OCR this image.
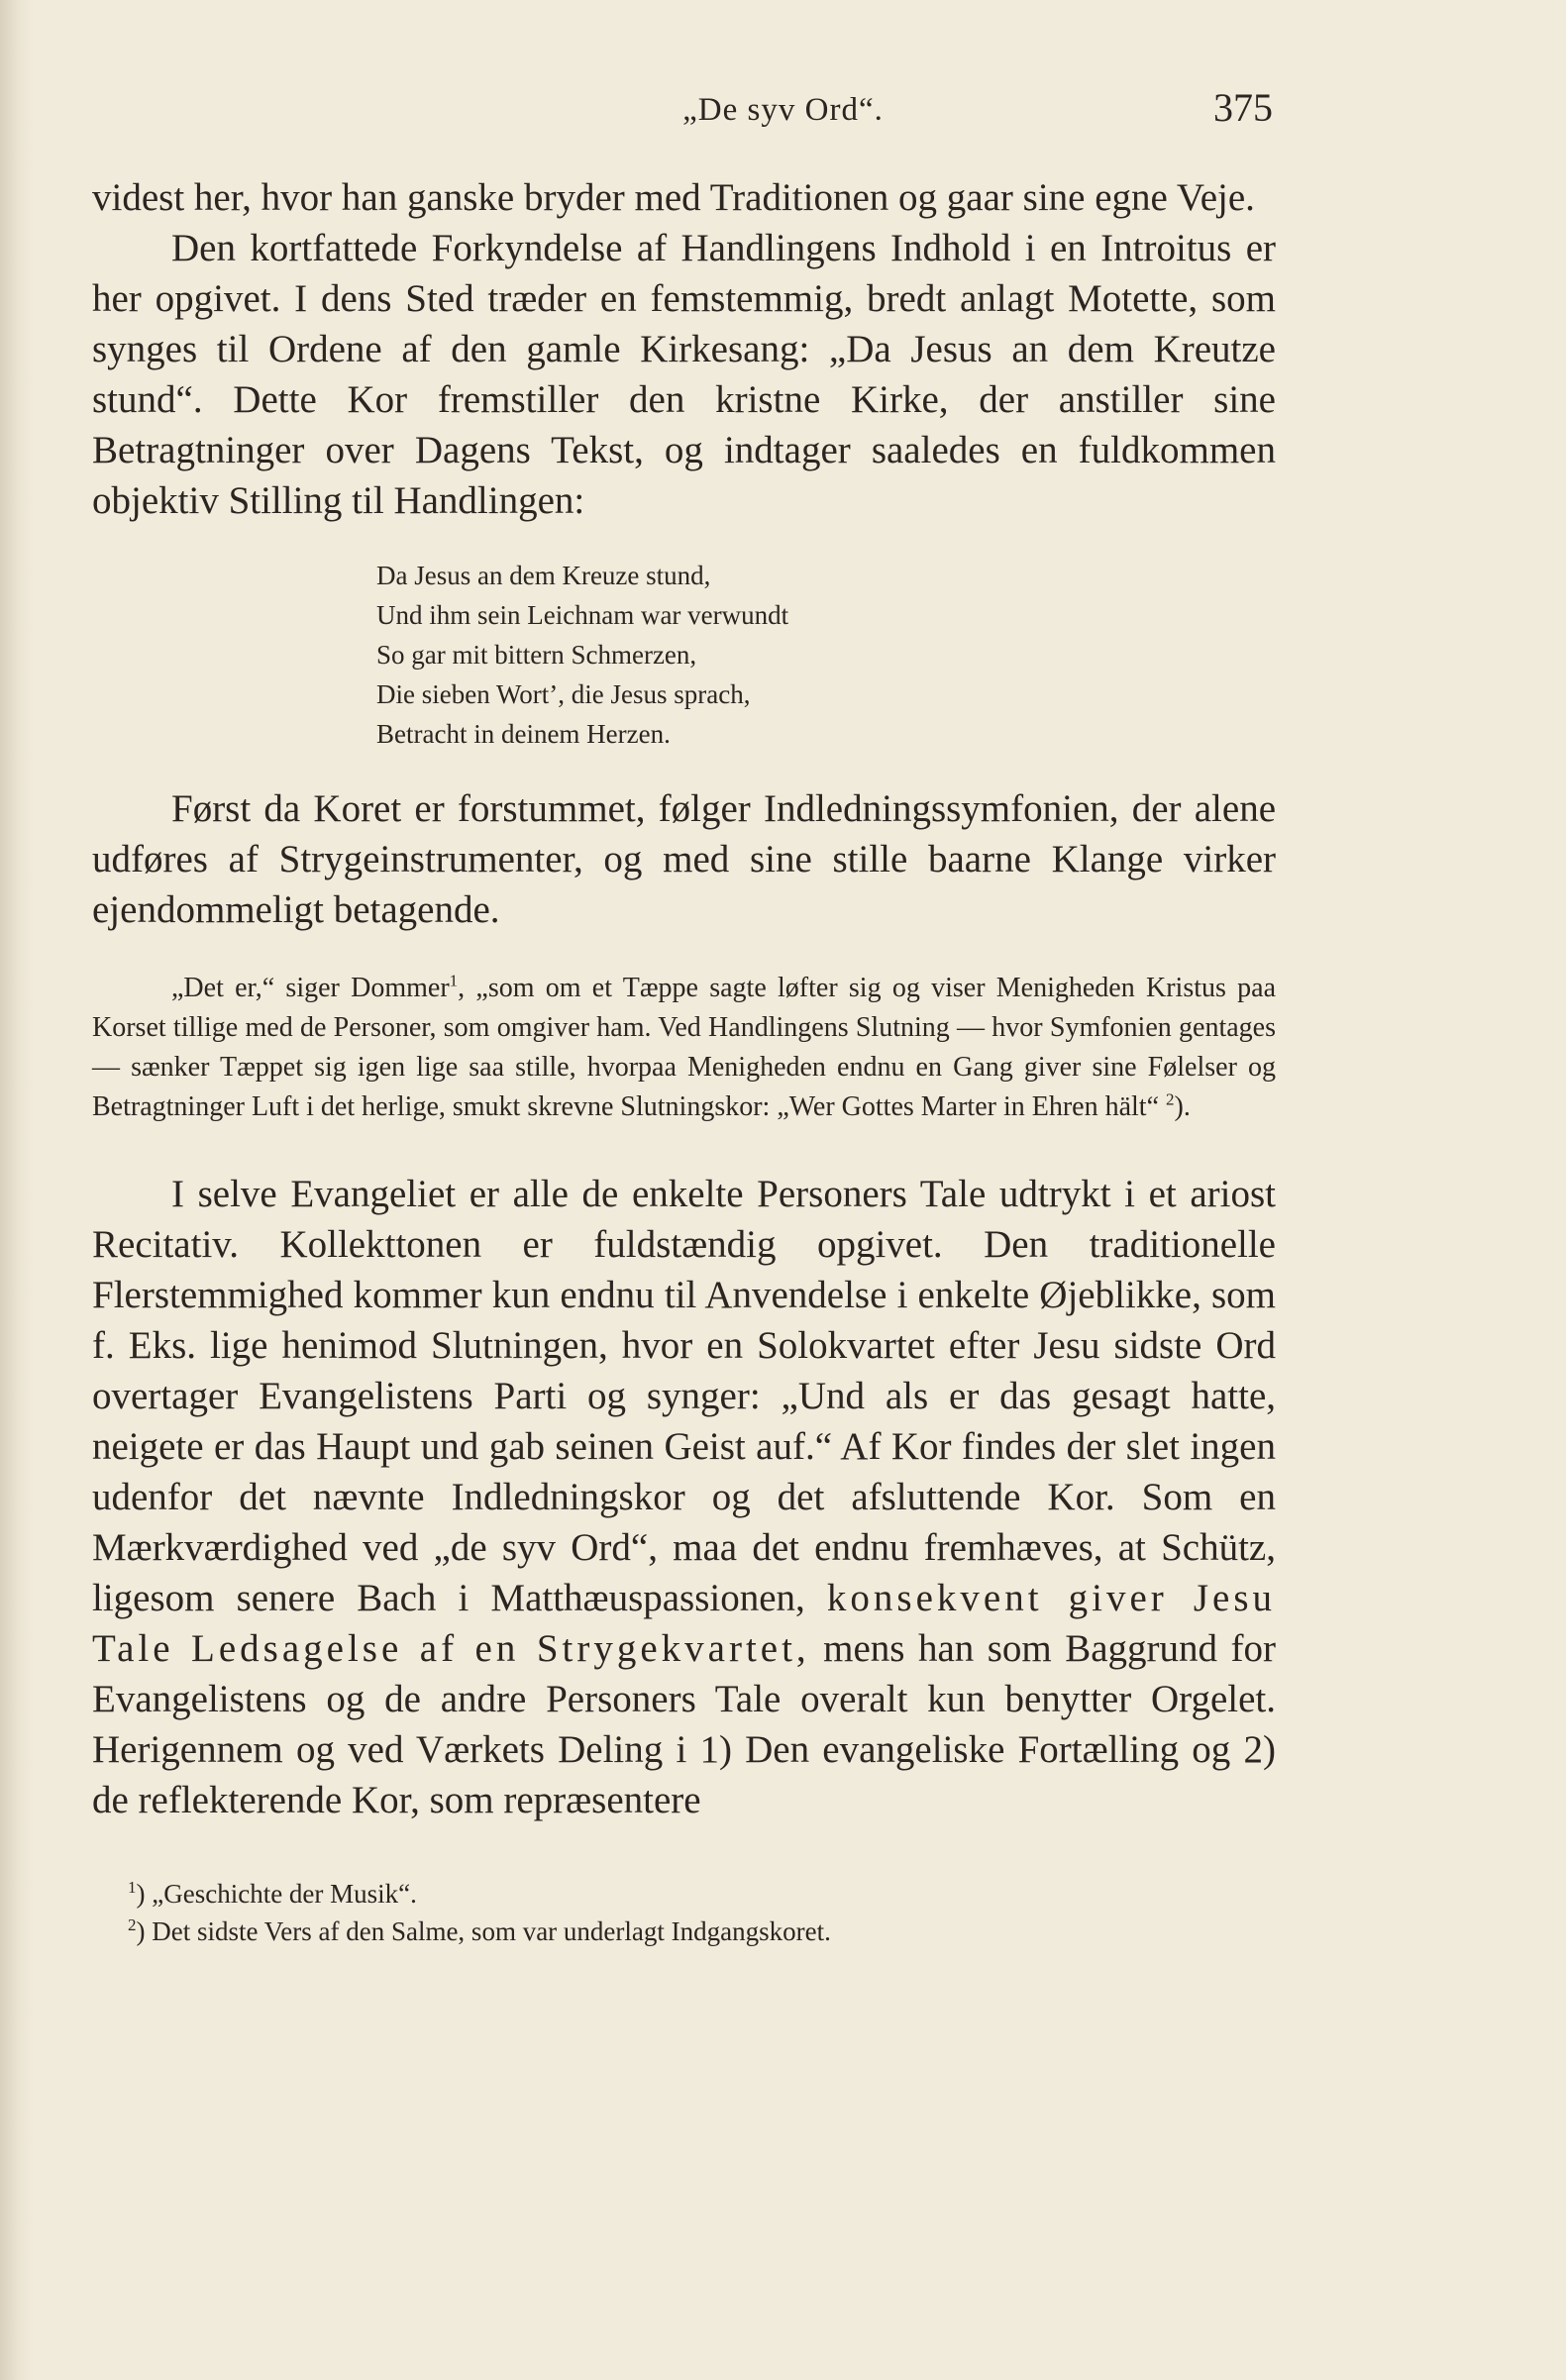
„De syv Ord“.	375

videst her, hvor han ganske bryder med Traditionen og gaar sine egne Veje.

Den kortfattede Forkyndelse af Handlingens Indhold i en Introitus er her opgivet. I dens Sted træder en femstemmig, bredt anlagt Motette, som synges til Ordene af den gamle Kirkesang: „Da Jesus an dem Kreutze stund“. Dette Kor fremstiller den kristne Kirke, der anstiller sine Betragtninger over Dagens Tekst, og indtager saaledes en fuldkommen objektiv Stilling til Handlingen:

Da Jesus an dem Kreuze stund,
Und ihm sein Leichnam war verwundt
So gar mit bittern Schmerzen,
Die sieben Wort’, die Jesus sprach,
Betracht in deinem Herzen.

Først da Koret er forstummet, følger Indledningssymfonien, der alene udføres af Strygeinstrumenter, og med sine stille baarne Klange virker ejendommeligt betagende.

„Det er,“ siger Dommer$^1$, „som om et Tæppe sagte løfter sig og viser Menigheden Kristus paa Korset tillige med de Personer, som omgiver ham. Ved Handlingens Slutning — hvor Symfonien gentages — sænker Tæppet sig igen lige saa stille, hvorpaa Menigheden endnu en Gang giver sine Følelser og Betragtninger Luft i det herlige, smukt skrevne Slutningskor: „Wer Gottes Marter in Ehren hält“ $^2$).

I selve Evangeliet er alle de enkelte Personers Tale udtrykt i et ariost Recitativ. Kollekttonen er fuldstændig opgivet. Den traditionelle Flerstemmighed kommer kun endnu til Anvendelse i enkelte Øjeblikke, som f. Eks. lige henimod Slutningen, hvor en Solokvartet efter Jesu sidste Ord overtager Evangelistens Parti og synger: „Und als er das gesagt hatte, neigete er das Haupt und gab seinen Geist auf.“ Af Kor findes der slet ingen udenfor det nævnte Indledningskor og det afsluttende Kor. Som en Mærkværdighed ved „de syv Ord“, maa det endnu fremhæves, at Schütz, ligesom senere Bach i Matthæuspassionen, konsekvent giver Jesu Tale Ledsagelse af en Strygekvartet, mens han som Baggrund for Evangelistens og de andre Personers Tale overalt kun benytter Orgelet. Herigennem og ved Værkets Deling i 1) Den evangeliske Fortælling og 2) de reflekterende Kor, som repræsentere

$^1$) „Geschichte der Musik“.
$^2$) Det sidste Vers af den Salme, som var underlagt Indgangskoret.
